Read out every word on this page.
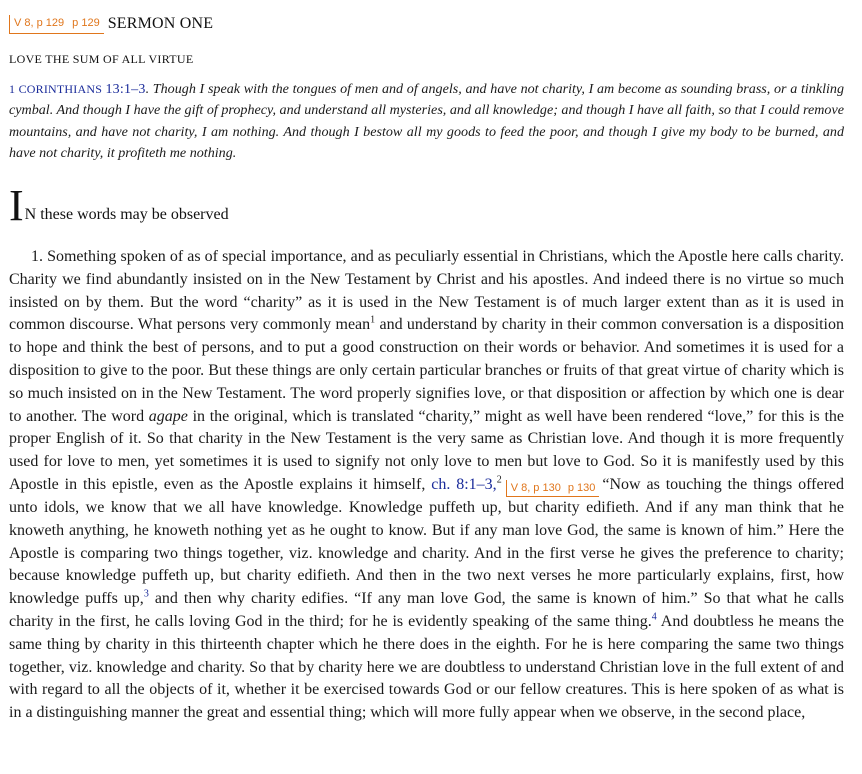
V 8, p 129 p 129 SERMON ONE
LOVE THE SUM OF ALL VIRTUE
1 CORINTHIANS 13:1–3. Though I speak with the tongues of men and of angels, and have not charity, I am become as sounding brass, or a tinkling cymbal. And though I have the gift of prophecy, and understand all mysteries, and all knowledge; and though I have all faith, so that I could remove mountains, and have not charity, I am nothing. And though I bestow all my goods to feed the poor, and though I give my body to be burned, and have not charity, it profiteth me nothing.
I N these words may be observed

1. Something spoken of as of special importance, and as peculiarly essential in Christians, which the Apostle here calls charity. Charity we find abundantly insisted on in the New Testament by Christ and his apostles. And indeed there is no virtue so much insisted on by them. But the word “charity” as it is used in the New Testament is of much larger extent than as it is used in common discourse. What persons very commonly mean$^1$ and understand by charity in their common conversation is a disposition to hope and think the best of persons, and to put a good construction on their words or behavior. And sometimes it is used for a disposition to give to the poor. But these things are only certain particular branches or fruits of that great virtue of charity which is so much insisted on in the New Testament. The word properly signifies love, or that disposition or affection by which one is dear to another. The word agape in the original, which is translated “charity,” might as well have been rendered “love,” for this is the proper English of it. So that charity in the New Testament is the very same as Christian love. And though it is more frequently used for love to men, yet sometimes it is used to signify not only love to men but love to God. So it is manifestly used by this Apostle in this epistle, even as the Apostle explains it himself, ch. 8:1–3,$^2$
V 8, p 130 p 130 “Now as touching the things offered unto idols, we know that we all have knowledge. Knowledge puffeth up, but charity edifieth. And if any man think that he knoweth anything, he knoweth nothing yet as he ought to know. But if any man love God, the same is known of him.” Here the Apostle is comparing two things together, viz. knowledge and charity. And in the first verse he gives the preference to charity; because knowledge puffeth up, but charity edifieth. And then in the two next verses he more particularly explains, first, how knowledge puffs up,$^3$ and then why charity edifies. “If any man love God, the same is known of him.” So that what he calls charity in the first, he calls loving God in the third; for he is evidently speaking of the same thing.$^4$ And doubtless he means the same thing by charity in this thirteenth chapter which he there does in the eighth. For he is here comparing the same two things together, viz. knowledge and charity. So that by charity here we are doubtless to understand Christian love in the full extent of and with regard to all the objects of it, whether it be exercised towards God or our fellow creatures. This is here spoken of as what is in a distinguishing manner the great and essential thing; which will more fully appear when we observe, in the second place,
